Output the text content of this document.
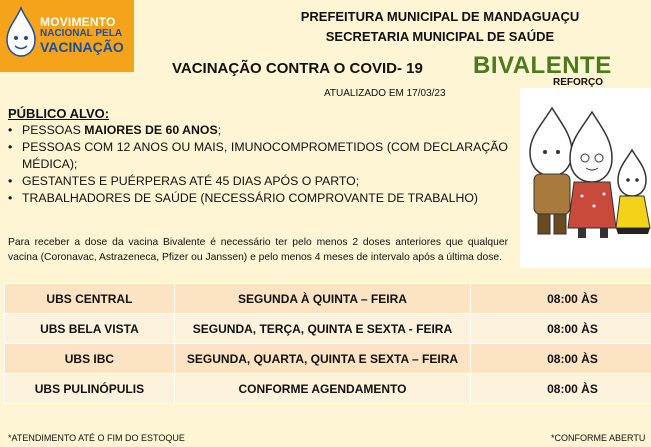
MOVIMENTO
NACIONAL PELA
VACINAÇÃO
PREFEITURA MUNICIPAL DE MANDAGUAÇU
SECRETARIA MUNICIPAL DE SAÚDE
VACINAÇÃO CONTRA O COVID- 19 BIVALENTE
REFORÇO
ATUALIZADO EM 17/03/23
PÚBLICO ALVO:
• PESSOAS MAIORES DE 60 ANOS;
• PESSOAS COM 12 ANOS OU MAIS, IMUNOCOMPROMETIDOS (COM DECLARAÇÃO MÉDICA);
• GESTANTES E PUÉRPERAS ATÉ 45 DIAS APÓS O PARTO;
• TRABALHADORES DE SAÚDE (NECESSÁRIO COMPROVANTE DE TRABALHO)
Para receber a dose da vacina Bivalente é necessário ter pelo menos 2 doses anteriores que qualquer vacina (Coronavac, Astrazeneca, Pfizer ou Janssen) e pelo menos 4 meses de intervalo após a última dose.
UBS CENTRAL	SEGUNDA À QUINTA – FEIRA	08:00 ÀS
UBS BELA VISTA	SEGUNDA, TERÇA, QUINTA E SEXTA - FEIRA	08:00 ÀS
UBS IBC	SEGUNDA, QUARTA, QUINTA E SEXTA – FEIRA	08:00 ÀS
UBS PULINÓPULIS	CONFORME AGENDAMENTO	08:00 ÀS
*ATENDIMENTO ATÉ O FIM DO ESTOQUE	*CONFORME ABERTU
